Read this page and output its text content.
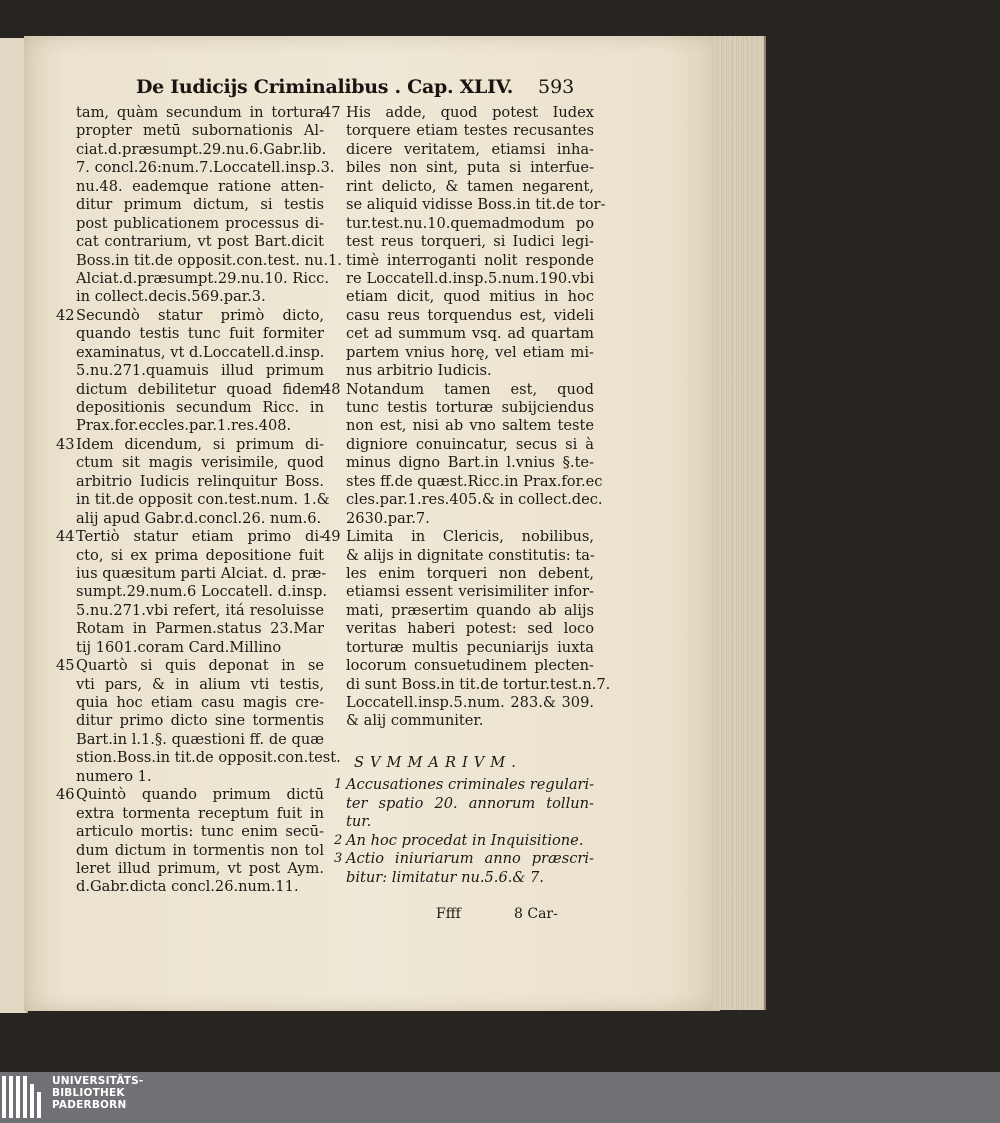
De Iudicijs Criminalibus . Cap. XLIV. 593
tam, quàm secundum in tortura
propter metū subornationis Al-
ciat.d.præsumpt.29.nu.6.Gabr.lib.
7. concl.26:num.7.Loccatell.insp.3.
nu.48. eademque ratione atten-
ditur primum dictum, si testis
post publicationem processus di-
cat contrarium, vt post Bart.dicit
Boss.in tit.de opposit.con.test. nu.1.
Alciat.d.præsumpt.29.nu.10. Ricc.
in collect.decis.569.par.3.
42 Secundò statur primò dicto,
quando testis tunc fuit formiter
examinatus, vt d.Loccatell.d.insp.
5.nu.271.quamuis illud primum
dictum debilitetur quoad fidem
depositionis secundum Ricc. in
Prax.for.eccles.par.1.res.408.
43 Idem dicendum, si primum di-
ctum sit magis verisimile, quod
arbitrio Iudicis relinquitur Boss.
in tit.de opposit con.test.num. 1.&
alij apud Gabr.d.concl.26. num.6.
44 Tertiò statur etiam primo di-
cto, si ex prima depositione fuit
ius quæsitum parti Alciat. d. præ-
sumpt.29.num.6 Loccatell. d.insp.
5.nu.271.vbi refert, itá resoluisse
Rotam in Parmen.status 23.Mar
tij 1601.coram Card.Millino
45 Quartò si quis deponat in se
vti pars, & in alium vti testis,
quia hoc etiam casu magis cre-
ditur primo dicto sine tormentis
Bart.in l.1.§. quæstioni ff. de quæ
stion.Boss.in tit.de opposit.con.test.
numero 1.
46 Quintò quando primum dictū
extra tormenta receptum fuit in
articulo mortis: tunc enim secū-
dum dictum in tormentis non tol
leret illud primum, vt post Aym.
d.Gabr.dicta concl.26.num.11.
47 His adde, quod potest Iudex
torquere etiam testes recusantes
dicere veritatem, etiamsi inha-
biles non sint, puta si interfue-
rint delicto, & tamen negarent,
se aliquid vidisse Boss.in tit.de tor-
tur.test.nu.10.quemadmodum po
test reus torqueri, si Iudici legi-
timè interroganti nolit responde
re Loccatell.d.insp.5.num.190.vbi
etiam dicit, quod mitius in hoc
casu reus torquendus est, videli
cet ad summum vsq. ad quartam
partem vnius horę, vel etiam mi-
nus arbitrio Iudicis.
48 Notandum tamen est, quod
tunc testis torturæ subijciendus
non est, nisi ab vno saltem teste
digniore conuincatur, secus si à
minus digno Bart.in l.vnius §.te-
stes ff.de quæst.Ricc.in Prax.for.ec
cles.par.1.res.405.& in collect.dec.
2630.par.7.
49 Limita in Clericis, nobilibus,
& alijs in dignitate constitutis: ta-
les enim torqueri non debent,
etiamsi essent verisimiliter infor-
mati, præsertim quando ab alijs
veritas haberi potest: sed loco
torturæ multis pecuniarijs iuxta
locorum consuetudinem plecten-
di sunt Boss.in tit.de tortur.test.n.7.
Loccatell.insp.5.num. 283.& 309.
& alij communiter.
SVMMARIVM.
1 Accusationes criminales regulari-
ter spatio 20. annorum tollun-
tur.
2 An hoc procedat in Inquisitione.
3 Actio iniuriarum anno præscri-
bitur: limitatur nu.5.6.& 7.
Ffff	8 Car-
UNIVERSITÄTS-
BIBLIOTHEK
PADERBORN
